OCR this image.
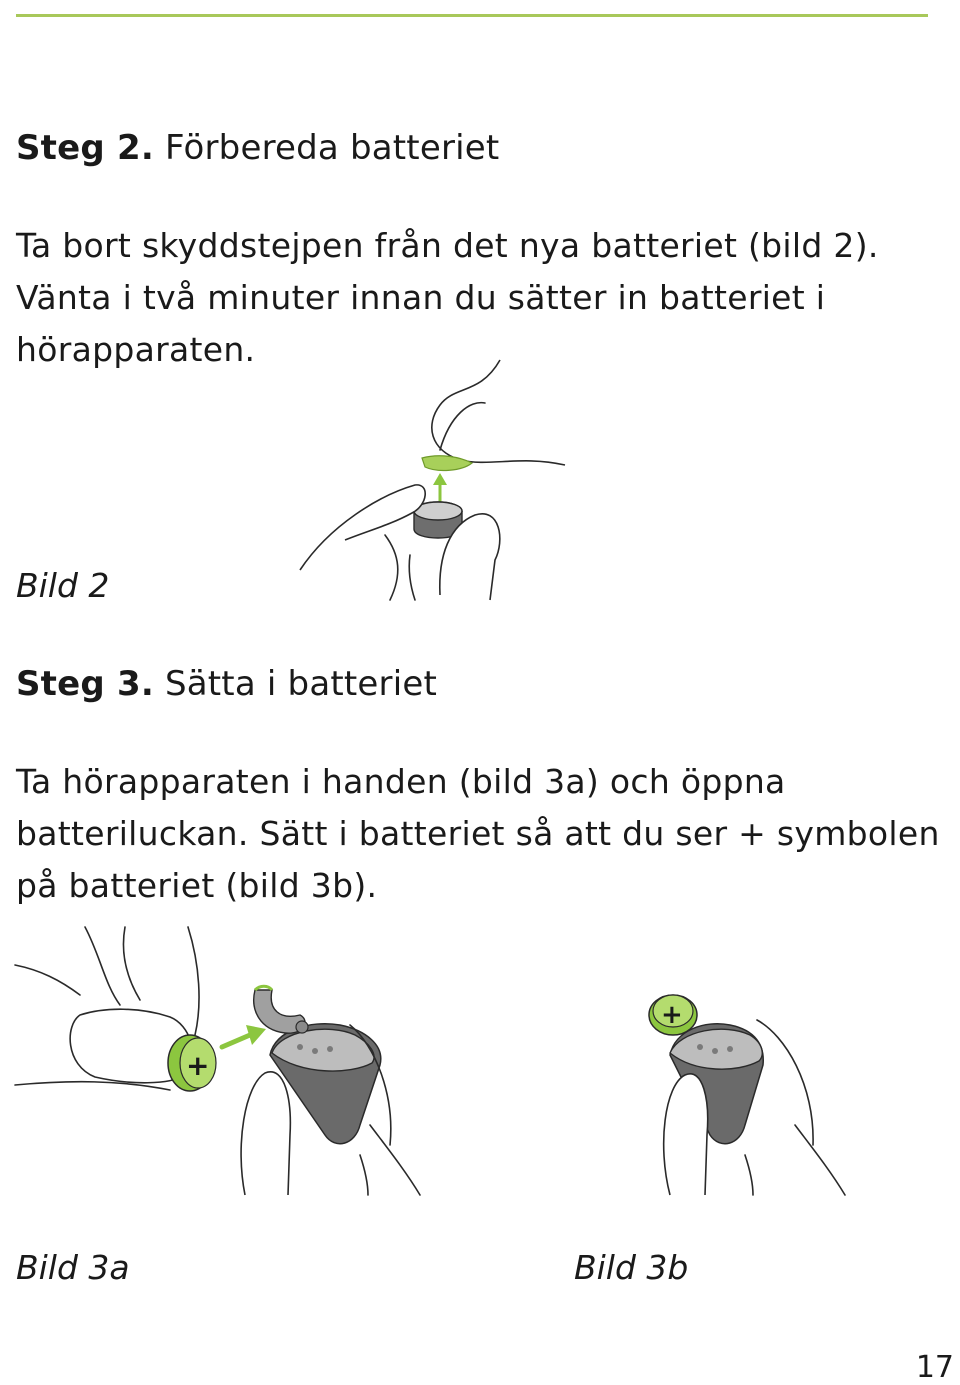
Steg 2. Förbereda batteriet

Ta bort skyddstejpen från det nya batteriet (bild 2).
Vänta i två minuter innan du sätter in batteriet i
hörapparaten.

Bild 2

Steg 3. Sätta i batteriet

Ta hörapparaten i handen (bild 3a) och öppna
batteriluckan. Sätt i batteriet så att du ser + symbolen
på batteriet (bild 3b).

+
+

Bild 3a	Bild 3b

17
